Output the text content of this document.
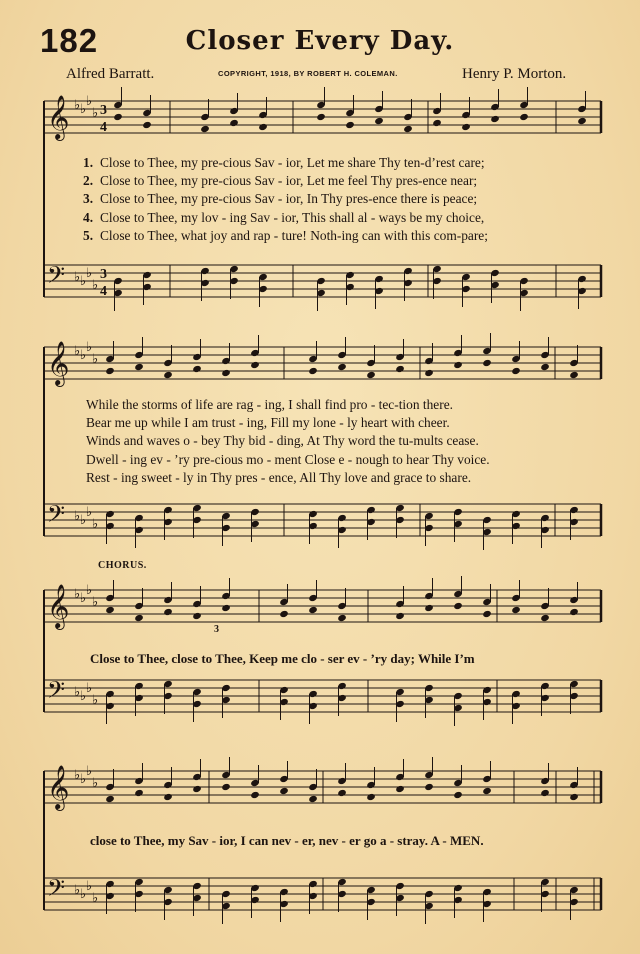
182	Closer Every Day.
Alfred Barratt.	COPYRIGHT, 1918, BY ROBERT H. COLEMAN.	Henry P. Morton.
𝄞 ♭ ♭
♭
♭ 3
4
𝄢 ♭ ♭
♭
♭
3
4
𝄞 ♭ ♭
♭
♭
𝄢 ♭ ♭
♭
♭
𝄞 ♭ ♭
♭
♭
𝄢 ♭ ♭
♭
♭
𝄞 ♭ ♭
♭
♭
𝄢 ♭ ♭
♭
♭
3
1. Close to Thee, my pre-cious Sav - ior, Let me share Thy ten-d’rest care;
2. Close to Thee, my pre-cious Sav - ior, Let me feel Thy pres-ence near;
3. Close to Thee, my pre-cious Sav - ior, In Thy pres-ence there is peace;
4. Close to Thee, my lov - ing Sav - ior, This shall al - ways be my choice,
5. Close to Thee, what joy and rap - ture! Noth-ing can with this com-pare;
While the storms of life are rag - ing, I shall find pro - tec-tion there.
Bear me up while I am trust - ing, Fill my lone - ly heart with cheer.
Winds and waves o - bey Thy bid - ding, At Thy word the tu-mults cease.
Dwell - ing ev - ’ry pre-cious mo - ment Close e - nough to hear Thy voice.
Rest - ing sweet - ly in Thy pres - ence, All Thy love and grace to share.
CHORUS.
Close to Thee, close to Thee, Keep me clo - ser ev - ’ry day; While I’m
close to Thee, my Sav - ior, I can nev - er, nev - er go a - stray. A - MEN.
